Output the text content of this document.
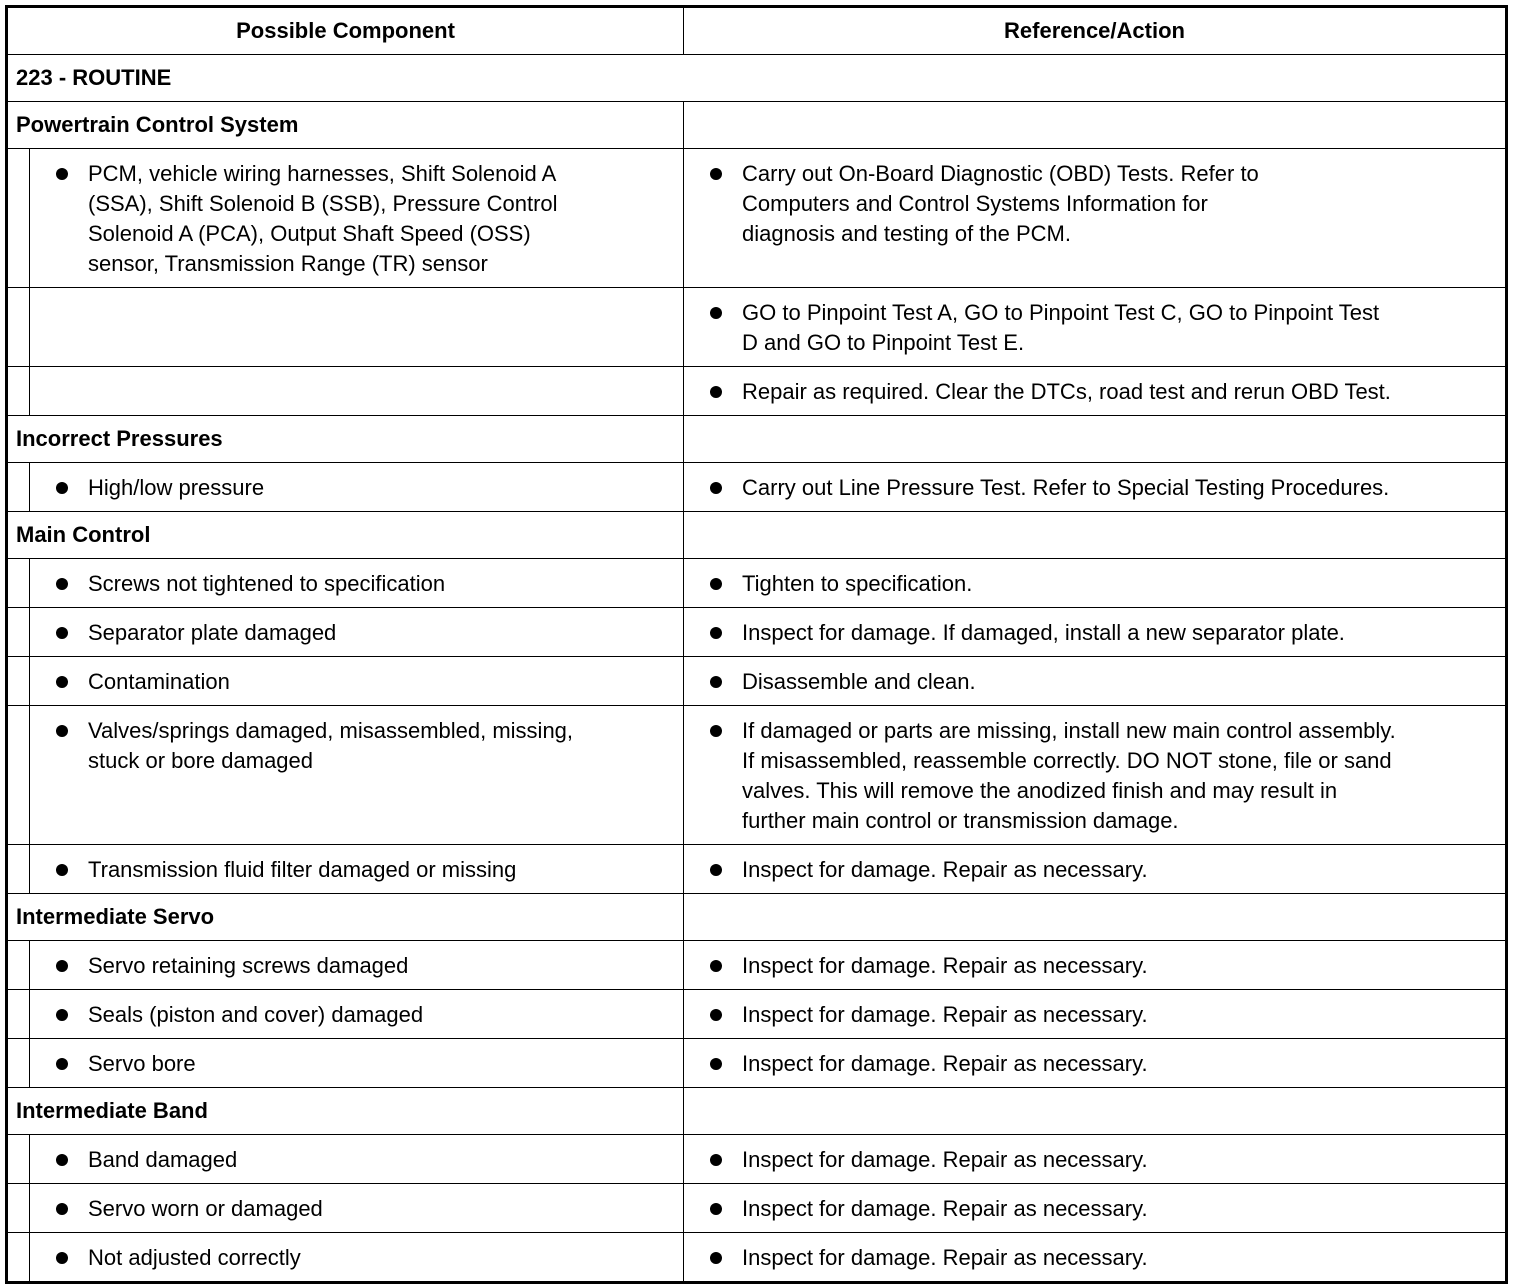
Possible Component		Reference/Action
223 - ROUTINE		
Powertrain Control System		

	PCM, vehicle wiring harnesses, Shift Solenoid A
(SSA), Shift Solenoid B (SSB), Pressure Control
Solenoid A (PCA), Output Shaft Speed (OSS)
sensor, Transmission Range (TR) sensor	Carry out On-Board Diagnostic (OBD) Tests. Refer to
Computers and Control Systems Information for
diagnosis and testing of the PCM.

		GO to Pinpoint Test A, GO to Pinpoint Test C, GO to Pinpoint Test
D and GO to Pinpoint Test E.

		Repair as required. Clear the DTCs, road test and rerun OBD Test.

Incorrect Pressures		

	High/low pressure	Carry out Line Pressure Test. Refer to Special Testing Procedures.

Main Control		

	Screws not tightened to specification	Tighten to specification.

	Separator plate damaged	Inspect for damage. If damaged, install a new separator plate.

	Contamination	Disassemble and clean.

	Valves/springs damaged, misassembled, missing,
stuck or bore damaged	If damaged or parts are missing, install new main control assembly.
If misassembled, reassemble correctly. DO NOT stone, file or sand
valves. This will remove the anodized finish and may result in
further main control or transmission damage.

	Transmission fluid filter damaged or missing	Inspect for damage. Repair as necessary.

Intermediate Servo		

	Servo retaining screws damaged	Inspect for damage. Repair as necessary.

	Seals (piston and cover) damaged	Inspect for damage. Repair as necessary.

	Servo bore	Inspect for damage. Repair as necessary.

Intermediate Band		

	Band damaged	Inspect for damage. Repair as necessary.

	Servo worn or damaged	Inspect for damage. Repair as necessary.

	Not adjusted correctly	Inspect for damage. Repair as necessary.
